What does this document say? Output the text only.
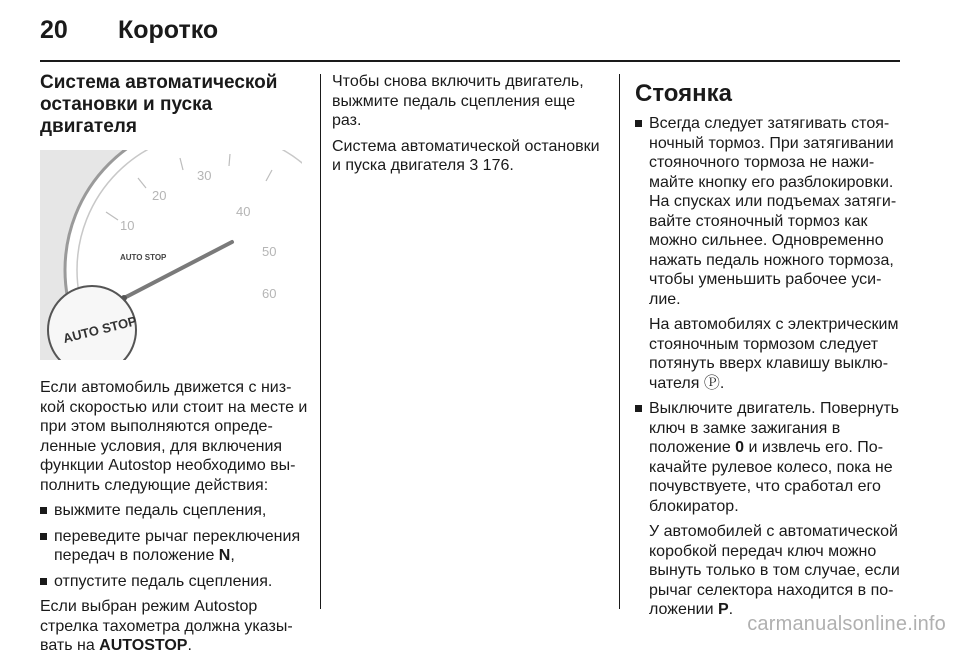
20	Коротко
Система автоматической остановки и пуска двигателя
10
20
30
40
50
60
AUTO STOP
AUTO STOP

Если автомобиль движется с низкой скоростью или стоит на месте и при этом выполняются определенные условия, для включения функции Autostop необходимо выполнить следующие действия:

выжмите педаль сцепления,
переведите рычаг переключения передач в положение N,
отпустите педаль сцепления.

Если выбран режим Autostop стрелка тахометра должна указывать на AUTOSTOP.

Чтобы снова включить двигатель, выжмите педаль сцепления еще раз.

Система автоматической остановки и пуска двигателя 3 176.

Стоянка
Всегда следует затягивать стояночный тормоз. При затягивании стояночного тормоза не нажимайте кнопку его разблокировки. На спусках или подъемах затягивайте стояночный тормоз как можно сильнее. Одновременно нажать педаль ножного тормоза, чтобы уменьшить рабочее усилие.

На автомобилях с электрическим стояночным тормозом следует потянуть вверх клавишу выключателя Ⓟ.

Выключите двигатель. Повернуть ключ в замке зажигания в положение 0 и извлечь его. Покачайте рулевое колесо, пока не почувствуете, что сработал его блокиратор.

У автомобилей с автоматической коробкой передач ключ можно вынуть только в том случае, если рычаг селектора находится в положении P.

carmanualsonline.info
